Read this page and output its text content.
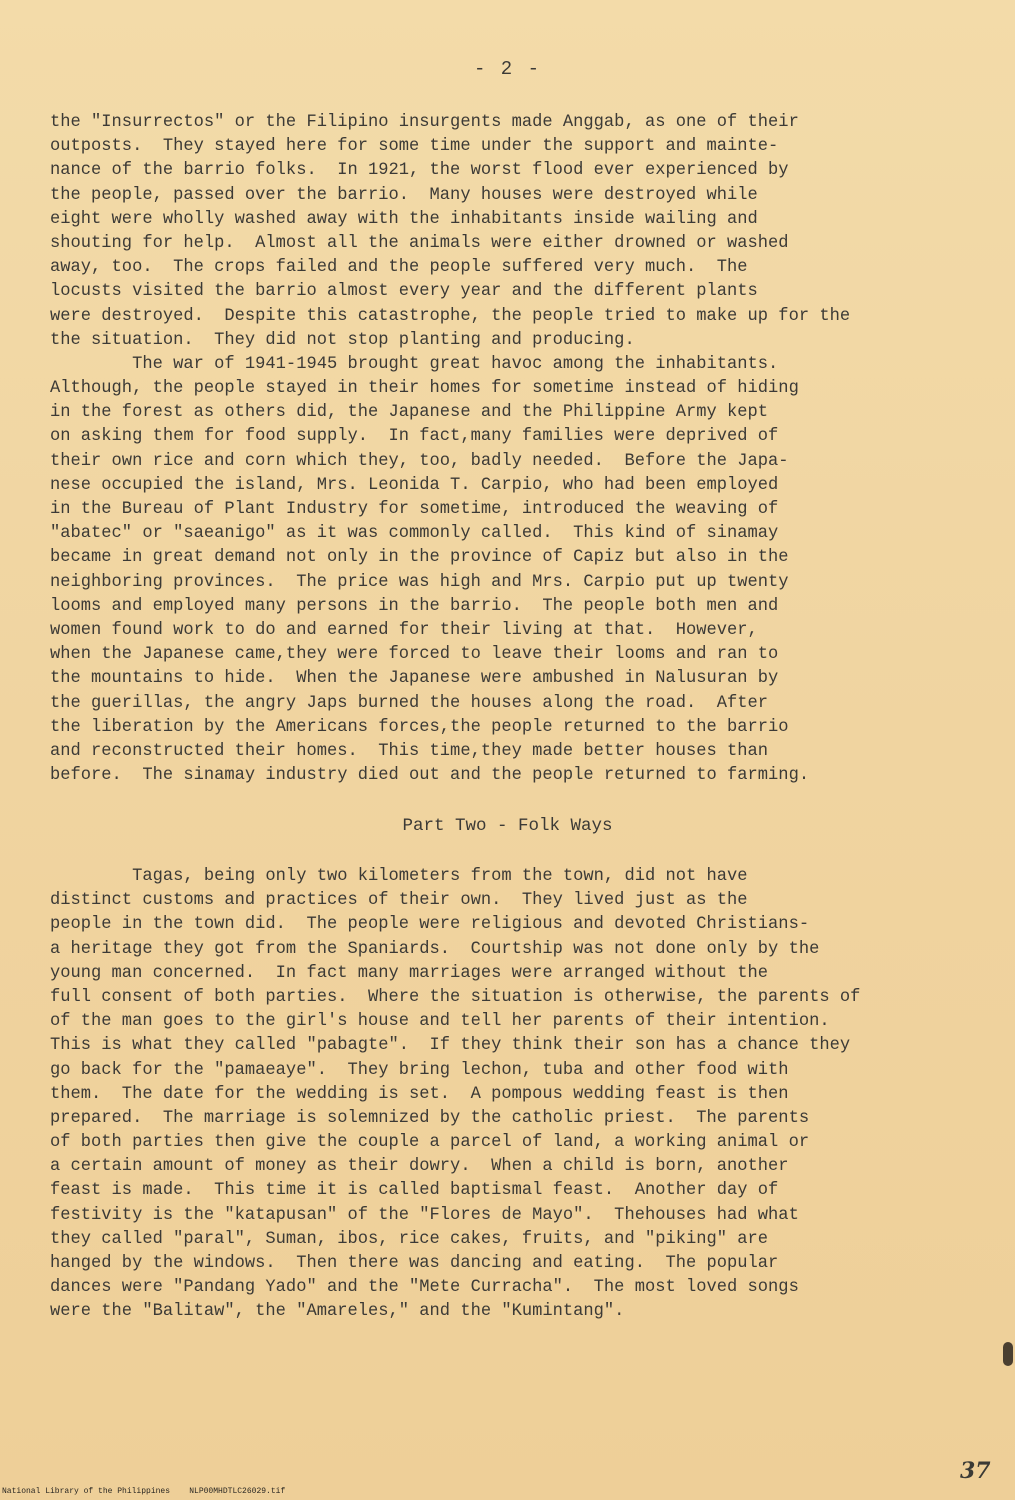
- 2 -
the "Insurrectos" or the Filipino insurgents made Anggab, as one of their
outposts.  They stayed here for some time under the support and mainte-
nance of the barrio folks.  In 1921, the worst flood ever experienced by
the people, passed over the barrio.  Many houses were destroyed while
eight were wholly washed away with the inhabitants inside wailing and
shouting for help.  Almost all the animals were either drowned or washed
away, too.  The crops failed and the people suffered very much.  The
locusts visited the barrio almost every year and the different plants
were destroyed.  Despite this catastrophe, the people tried to make up for the
the situation.  They did not stop planting and producing.
The war of 1941-1945 brought great havoc among the inhabitants.
Although, the people stayed in their homes for sometime instead of hiding
in the forest as others did, the Japanese and the Philippine Army kept
on asking them for food supply.  In fact,many families were deprived of
their own rice and corn which they, too, badly needed.  Before the Japa-
nese occupied the island, Mrs. Leonida T. Carpio, who had been employed
in the Bureau of Plant Industry for sometime, introduced the weaving of
"abatec" or "saeanigo" as it was commonly called.  This kind of sinamay
became in great demand not only in the province of Capiz but also in the
neighboring provinces.  The price was high and Mrs. Carpio put up twenty
looms and employed many persons in the barrio.  The people both men and
women found work to do and earned for their living at that.  However,
when the Japanese came,they were forced to leave their looms and ran to
the mountains to hide.  When the Japanese were ambushed in Nalusuran by
the guerillas, the angry Japs burned the houses along the road.  After
the liberation by the Americans forces,the people returned to the barrio
and reconstructed their homes.  This time,they made better houses than
before.  The sinamay industry died out and the people returned to farming.
Part Two - Folk Ways
Tagas, being only two kilometers from the town, did not have
distinct customs and practices of their own.  They lived just as the
people in the town did.  The people were religious and devoted Christians-
a heritage they got from the Spaniards.  Courtship was not done only by the
young man concerned.  In fact many marriages were arranged without the
full consent of both parties.  Where the situation is otherwise, the parents of
of the man goes to the girl's house and tell her parents of their intention.
This is what they called "pabagte".  If they think their son has a chance they
go back for the "pamaeaye".  They bring lechon, tuba and other food with
them.  The date for the wedding is set.  A pompous wedding feast is then
prepared.  The marriage is solemnized by the catholic priest.  The parents
of both parties then give the couple a parcel of land, a working animal or
a certain amount of money as their dowry.  When a child is born, another
feast is made.  This time it is called baptismal feast.  Another day of
festivity is the "katapusan" of the "Flores de Mayo".  Thehouses had what
they called "paral", Suman, ibos, rice cakes, fruits, and "piking" are
hanged by the windows.  Then there was dancing and eating.  The popular
dances were "Pandang Yado" and the "Mete Curracha".  The most loved songs
were the "Balitaw", the "Amareles," and the "Kumintang".
37
National Library of the Philippines    NLP00MHDTLC26029.tif
